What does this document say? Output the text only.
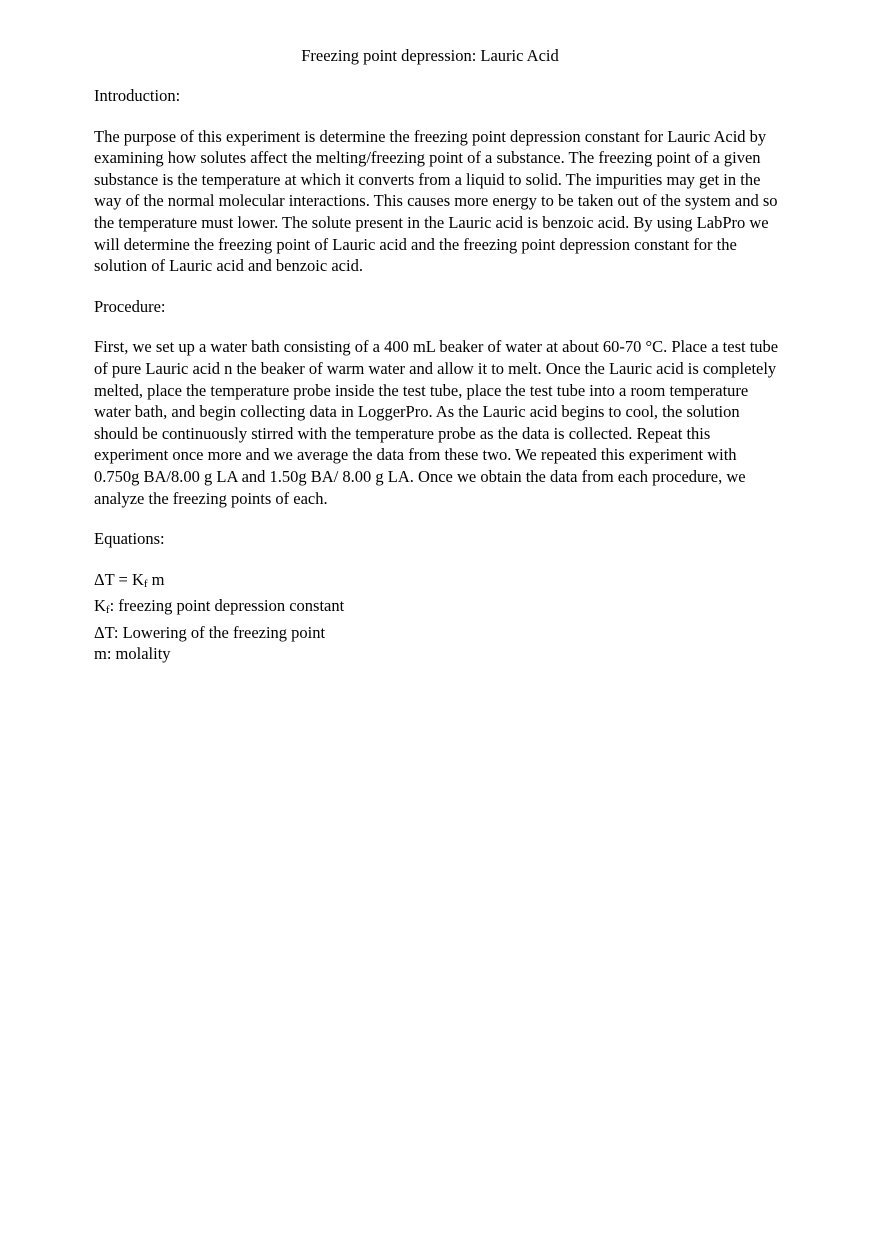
Freezing point depression: Lauric Acid

Introduction:

The purpose of this experiment is determine the freezing point depression constant for Lauric Acid by examining how solutes affect the melting/freezing point of a substance. The freezing point of a given substance is the temperature at which it converts from a liquid to solid. The impurities may get in the way of the normal molecular interactions. This causes more energy to be taken out of the system and so the temperature must lower. The solute present in the Lauric acid is benzoic acid. By using LabPro we will determine the freezing point of Lauric acid and the freezing point depression constant for the solution of Lauric acid and benzoic acid.

Procedure:

First, we set up a water bath consisting of a 400 mL beaker of water at about 60-70 °C. Place a test tube of pure Lauric acid n the beaker of warm water and allow it to melt. Once the Lauric acid is completely melted, place the temperature probe inside the test tube, place the test tube into a room temperature water bath, and begin collecting data in LoggerPro. As the Lauric acid begins to cool, the solution should be continuously stirred with the temperature probe as the data is collected. Repeat this experiment once more and we average the data from these two. We repeated this experiment with 0.750g BA/8.00 g LA and 1.50g BA/ 8.00 g LA. Once we obtain the data from each procedure, we analyze the freezing points of each.

Equations:

ΔT = Kf m

Kf: freezing point depression constant

ΔT: Lowering of the freezing point

m: molality
